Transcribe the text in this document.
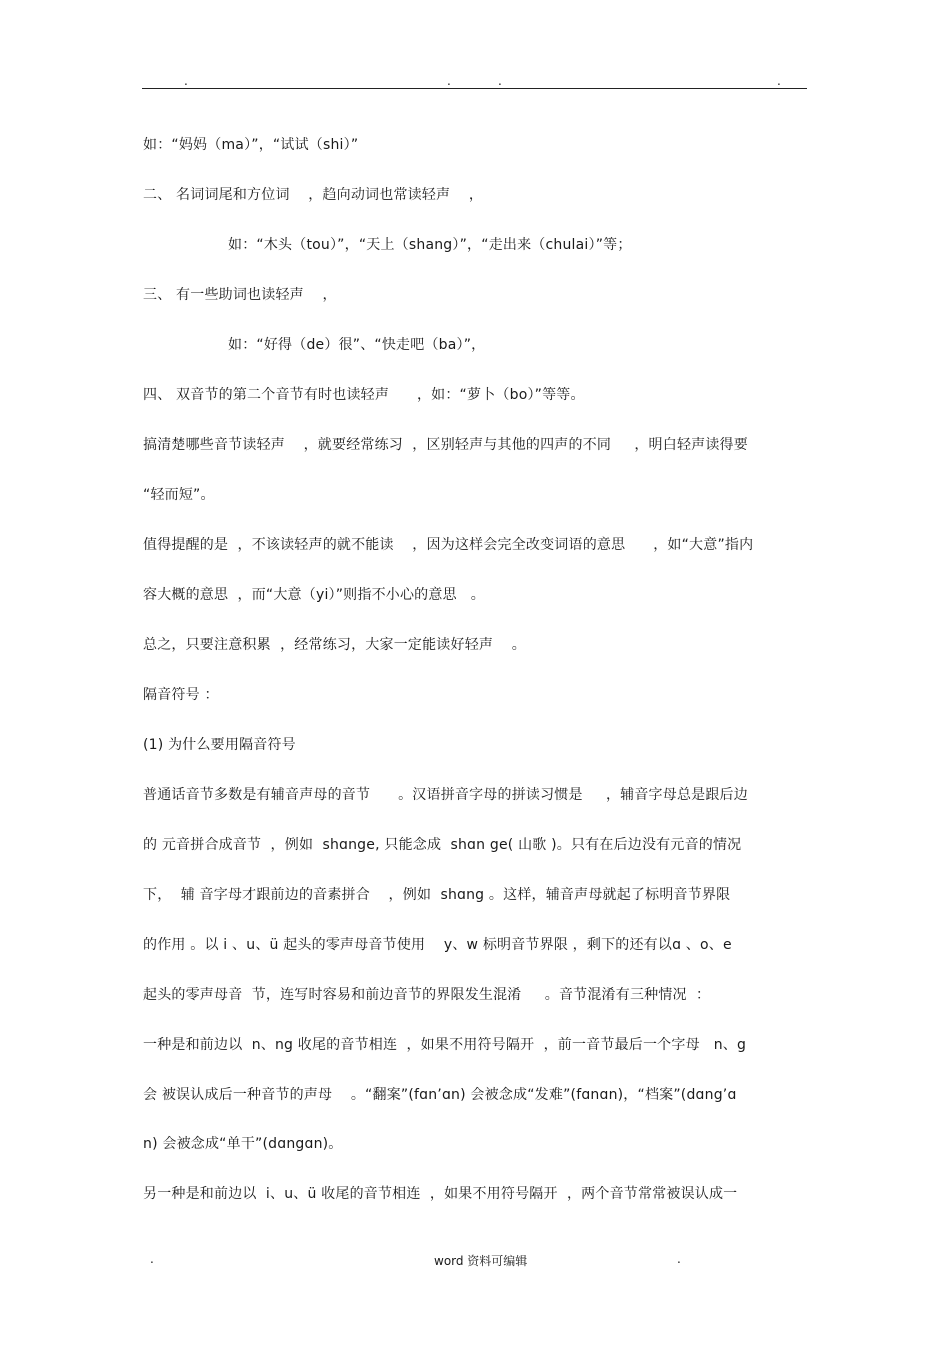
.	.	.	.
如：“妈妈（ma）”，“试试（shi）”
二、 名词词尾和方位词    ，趋向动词也常读轻声    ，
如：“木头（tou）”，“天上（shang）”，“走出来（chulai）”等；
三、 有一些助词也读轻声    ，
如：“好得（de）很”、“快走吧（ba）”，
四、 双音节的第二个音节有时也读轻声      ，如：“萝卜（bo）”等等。
搞清楚哪些音节读轻声    ，就要经常练习  ，区别轻声与其他的四声的不同     ，明白轻声读得要
“轻而短”。
值得提醒的是  ，不该读轻声的就不能读    ，因为这样会完全改变词语的意思      ，如“大意”指内
容大概的意思  ，而“大意（yi）”则指不小心的意思   。
总之，只要注意积累  ，经常练习，大家一定能读好轻声    。
隔音符号 ：
(1) 为什么要用隔音符号
普通话音节多数是有辅音声母的音节      。汉语拼音字母的拼读习惯是     ，辅音字母总是跟后边
的 元音拼合成音节  ，例如  shɑnge, 只能念成  shɑn ge( 山歌 )。只有在后边没有元音的情况
下，  辅 音字母才跟前边的音素拼合    ，例如  shɑng 。这样，辅音声母就起了标明音节界限
的作用 。以 i 、u、ü 起头的零声母音节使用    y、w 标明音节界限 ，剩下的还有以ɑ 、o、e
起头的零声母音  节，连写时容易和前边音节的界限发生混淆     。音节混淆有三种情况  ：
一种是和前边以  n、ng 收尾的音节相连  ，如果不用符号隔开  ，前一音节最后一个字母   n、g
会 被误认成后一种音节的声母    。“翻案”(fɑn’ɑn) 会被念成“发难”(fɑnɑn)，“档案”(dɑng’ɑ
n) 会被念成“单干”(dɑngɑn)。
另一种是和前边以  i、u、ü 收尾的音节相连  ，如果不用符号隔开  ，两个音节常常被误认成一
.	word 资料可编辑	.
